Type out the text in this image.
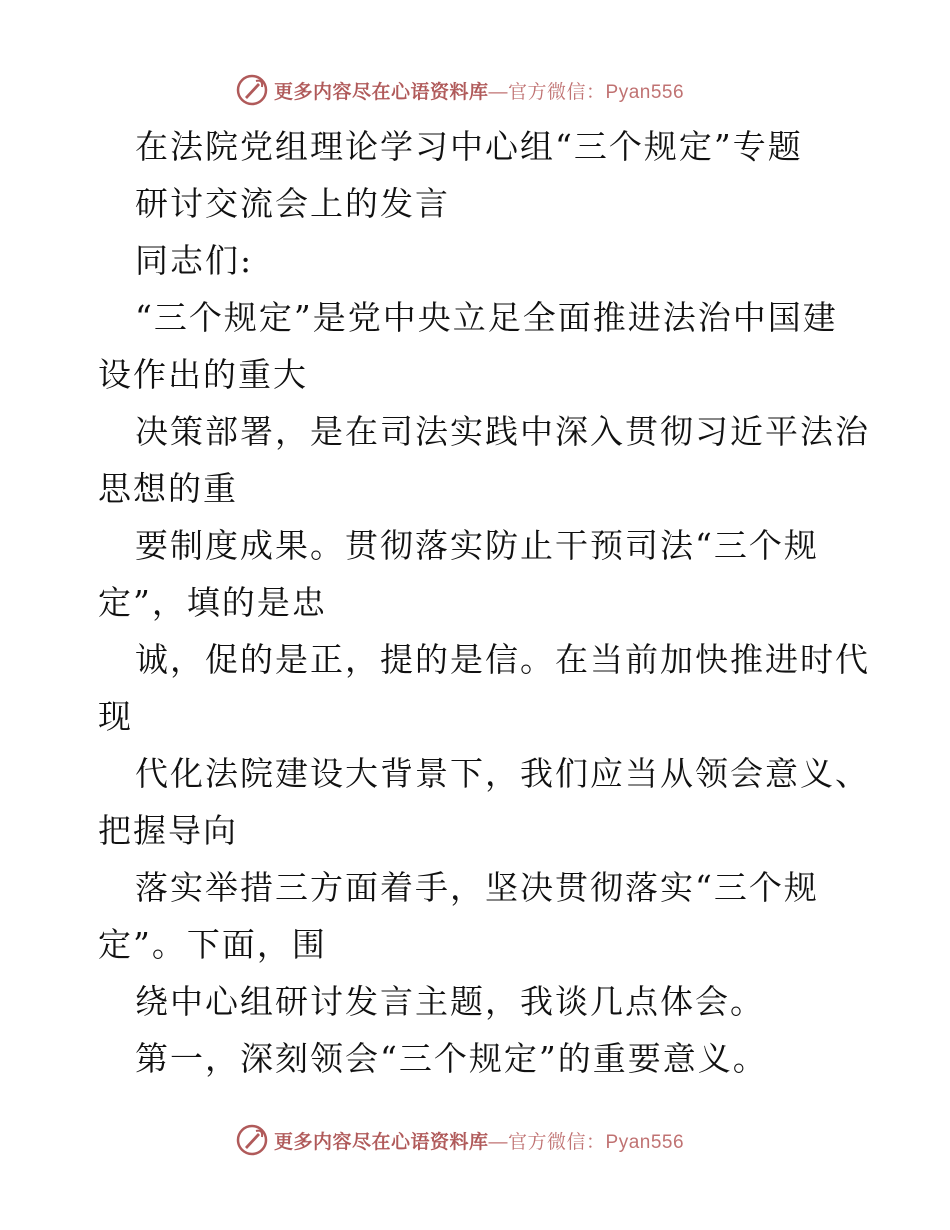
更多内容尽在心语资料库 —官方微信：Pyan556
在法院党组理论学习中心组“三个规定”专题
研讨交流会上的发言
同志们:
“三个规定”是党中央立足全面推进法治中国建
设作出的重大
决策部署，是在司法实践中深入贯彻习近平法治
思想的重
要制度成果。贯彻落实防止干预司法“三个规
定”，填的是忠
诚，促的是正，提的是信。在当前加快推进时代
现
代化法院建设大背景下，我们应当从领会意义、
把握导向
落实举措三方面着手，坚决贯彻落实“三个规
定”。下面，围
绕中心组研讨发言主题，我谈几点体会。
第一，深刻领会“三个规定”的重要意义。
更多内容尽在心语资料库 —官方微信：Pyan556
